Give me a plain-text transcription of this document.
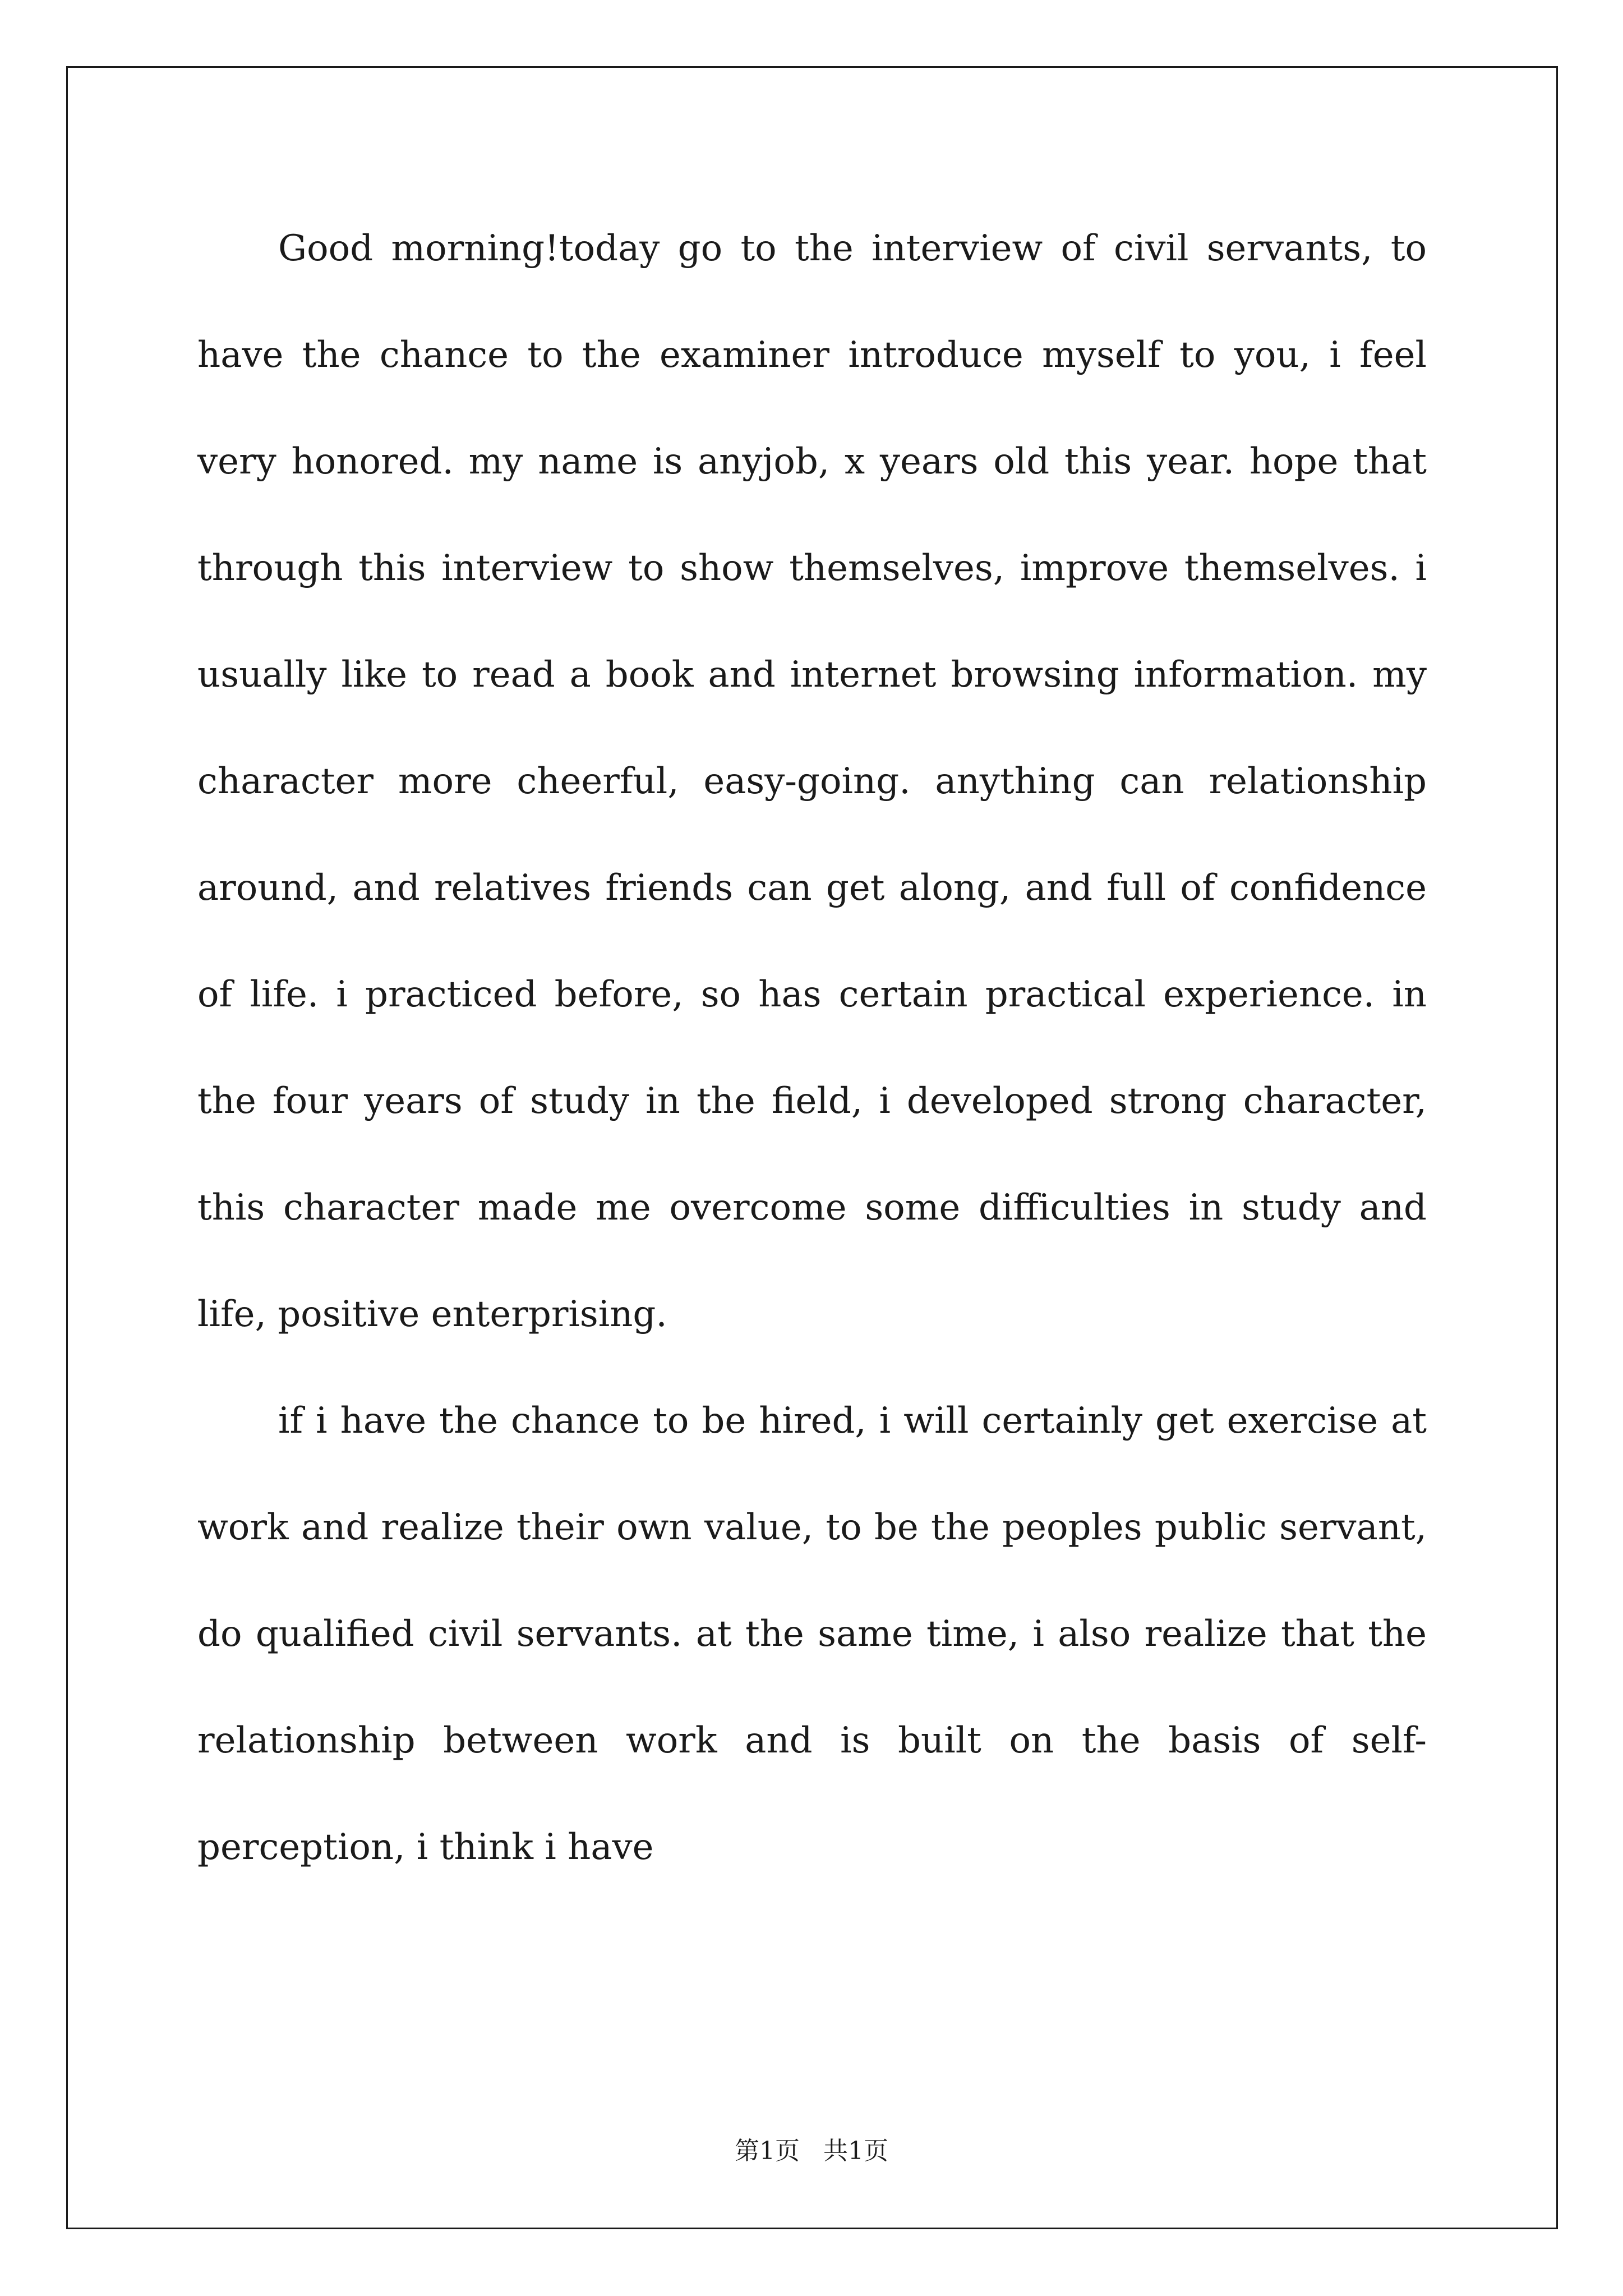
Good morning!today go to the interview of civil servants, to have the chance to the examiner introduce myself to you, i feel very honored. my name is anyjob, x years old this year. hope that through this interview to show themselves, improve themselves. i usually like to read a book and internet browsing information. my character more cheerful, easy-going. anything can relationship around, and relatives friends can get along, and full of confidence of life. i practiced before, so has certain practical experience. in the four years of study in the field, i developed strong character, this character made me overcome some difficulties in study and life, positive enterprising.

if i have the chance to be hired, i will certainly get exercise at work and realize their own value, to be the peoples public servant, do qualified civil servants. at the same time, i also realize that the relationship between work and is built on the basis of self-perception, i think i have

第1页   共1页
